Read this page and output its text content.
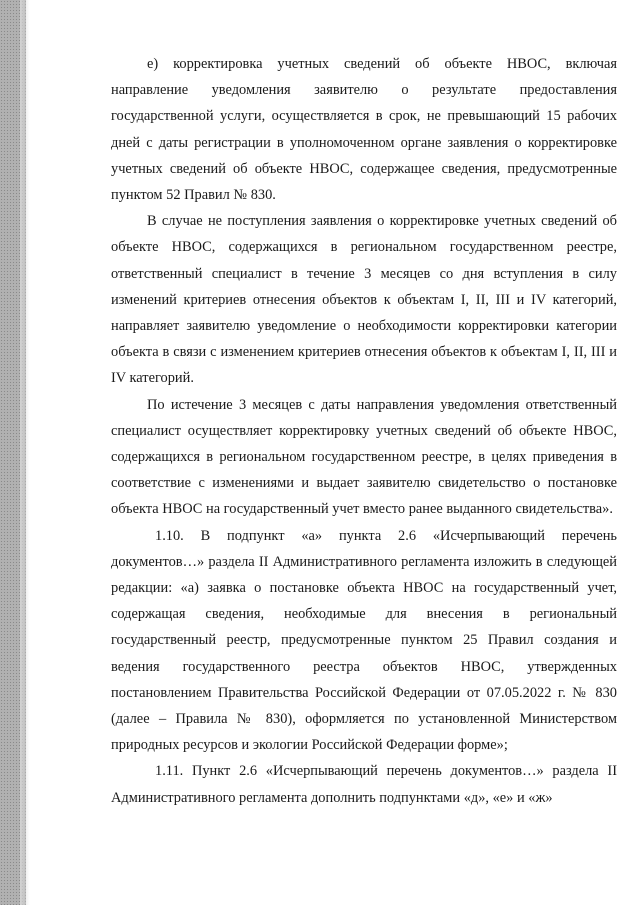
е) корректировка учетных сведений об объекте НВОС, включая направление уведомления заявителю о результате предоставления государственной услуги, осуществляется в срок, не превышающий 15 рабочих дней с даты регистрации в уполномоченном органе заявления о корректировке учетных сведений об объекте НВОС, содержащее сведения, предусмотренные пунктом 52 Правил № 830.

В случае не поступления заявления о корректировке учетных сведений об объекте НВОС, содержащихся в региональном государственном реестре, ответственный специалист в течение 3 месяцев со дня вступления в силу изменений критериев отнесения объектов к объектам I, II, III и IV категорий, направляет заявителю уведомление о необходимости корректировки категории объекта в связи с изменением критериев отнесения объектов к объектам I, II, III и IV категорий.

По истечение 3 месяцев с даты направления уведомления ответственный специалист осуществляет корректировку учетных сведений об объекте НВОС, содержащихся в региональном государственном реестре, в целях приведения в соответствие с изменениями и выдает заявителю свидетельство о постановке объекта НВОС на государственный учет вместо ранее выданного свидетельства».

1.10. В подпункт «а» пункта 2.6 «Исчерпывающий перечень документов…» раздела II Административного регламента изложить в следующей редакции: «а) заявка о постановке объекта НВОС на государственный учет, содержащая сведения, необходимые для внесения в региональный государственный реестр, предусмотренные пунктом 25 Правил создания и ведения государственного реестра объектов НВОС, утвержденных постановлением Правительства Российской Федерации от 07.05.2022 г. № 830 (далее – Правила № 830), оформляется по установленной Министерством природных ресурсов и экологии Российской Федерации форме»;

1.11. Пункт 2.6 «Исчерпывающий перечень документов…» раздела II Административного регламента дополнить подпунктами «д», «е» и «ж»
